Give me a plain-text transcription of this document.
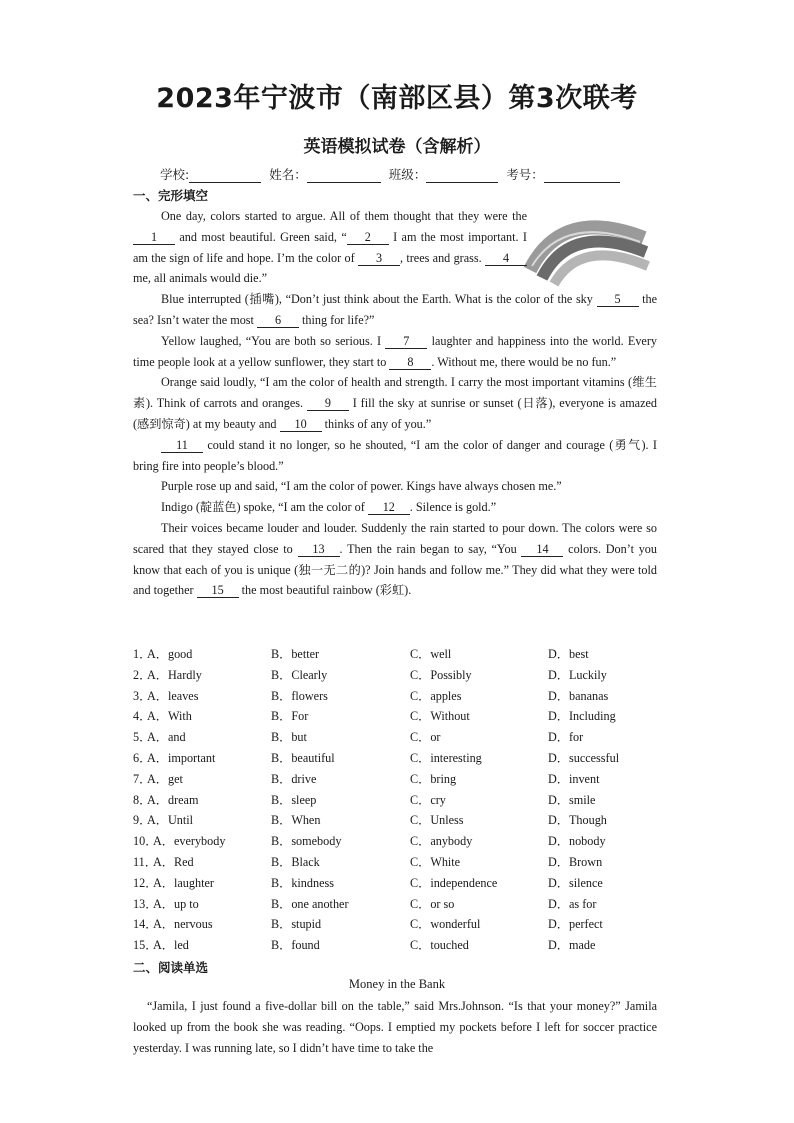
2023年宁波市（南部区县）第3次联考
英语模拟试卷（含解析）
学校:	姓名：	班级：	考号：
一、完形填空

One day, colors started to argue. All of them thought that they were the 1 and most beautiful. Green said, “ 2 I am the most important. I am the sign of life and hope. I’m the color of 3 , trees and grass. 4 me, all animals would die.”

Blue interrupted (插嘴), “Don’t just think about the Earth. What is the color of the sky 5 the sea? Isn’t water the most 6 thing for life?”

Yellow laughed, “You are both so serious. I 7 laughter and happiness into the world. Every time people look at a yellow sunflower, they start to 8 . Without me, there would be no fun.”

Orange said loudly, “I am the color of health and strength. I carry the most important vitamins (维生素). Think of carrots and oranges. 9 I fill the sky at sunrise or sunset (日落), everyone is amazed (感到惊奇) at my beauty and 10 thinks of any of you.”

11 could stand it no longer, so he shouted, “I am the color of danger and courage (勇气). I bring fire into people’s blood.”

Purple rose up and said, “I am the color of power. Kings have always chosen me.”

Indigo (靛蓝色) spoke, “I am the color of 12 . Silence is gold.”

Their voices became louder and louder. Suddenly the rain started to pour down. The colors were so scared that they stayed close to 13 . Then the rain began to say, “You 14 colors. Don’t you know that each of you is unique (独一无二的)? Join hands and follow me.” They did what they were told and together 15 the most beautiful rainbow (彩虹).

1．
A．good	B．better	C．well	D．best
2．
A．Hardly	B．Clearly	C．Possibly	D．Luckily
3．
A．leaves	B．flowers	C．apples	D．bananas
4．
A．With	B．For	C．Without	D．Including
5．
A．and	B．but	C．or	D．for
6．
A．important	B．beautiful	C．interesting	D．successful
7．
A．get	B．drive	C．bring	D．invent
8．
A．dream	B．sleep	C．cry	D．smile
9．
A．Until	B．When	C．Unless	D．Though
10．
A．everybody	B．somebody	C．anybody	D．nobody
11．
A．Red	B．Black	C．White	D．Brown
12．
A．laughter	B．kindness	C．independence	D．silence
13．
A．up to	B．one another	C．or so	D．as for
14．
A．nervous	B．stupid	C．wonderful	D．perfect
15．
A．led	B．found	C．touched	D．made
二、阅读单选
Money in the Bank

“Jamila, I just found a five-dollar bill on the table,” said Mrs.Johnson. “Is that your money?” Jamila looked up from the book she was reading. “Oops. I emptied my pockets before I left for soccer practice yesterday. I was running late, so I didn’t have time to take the
